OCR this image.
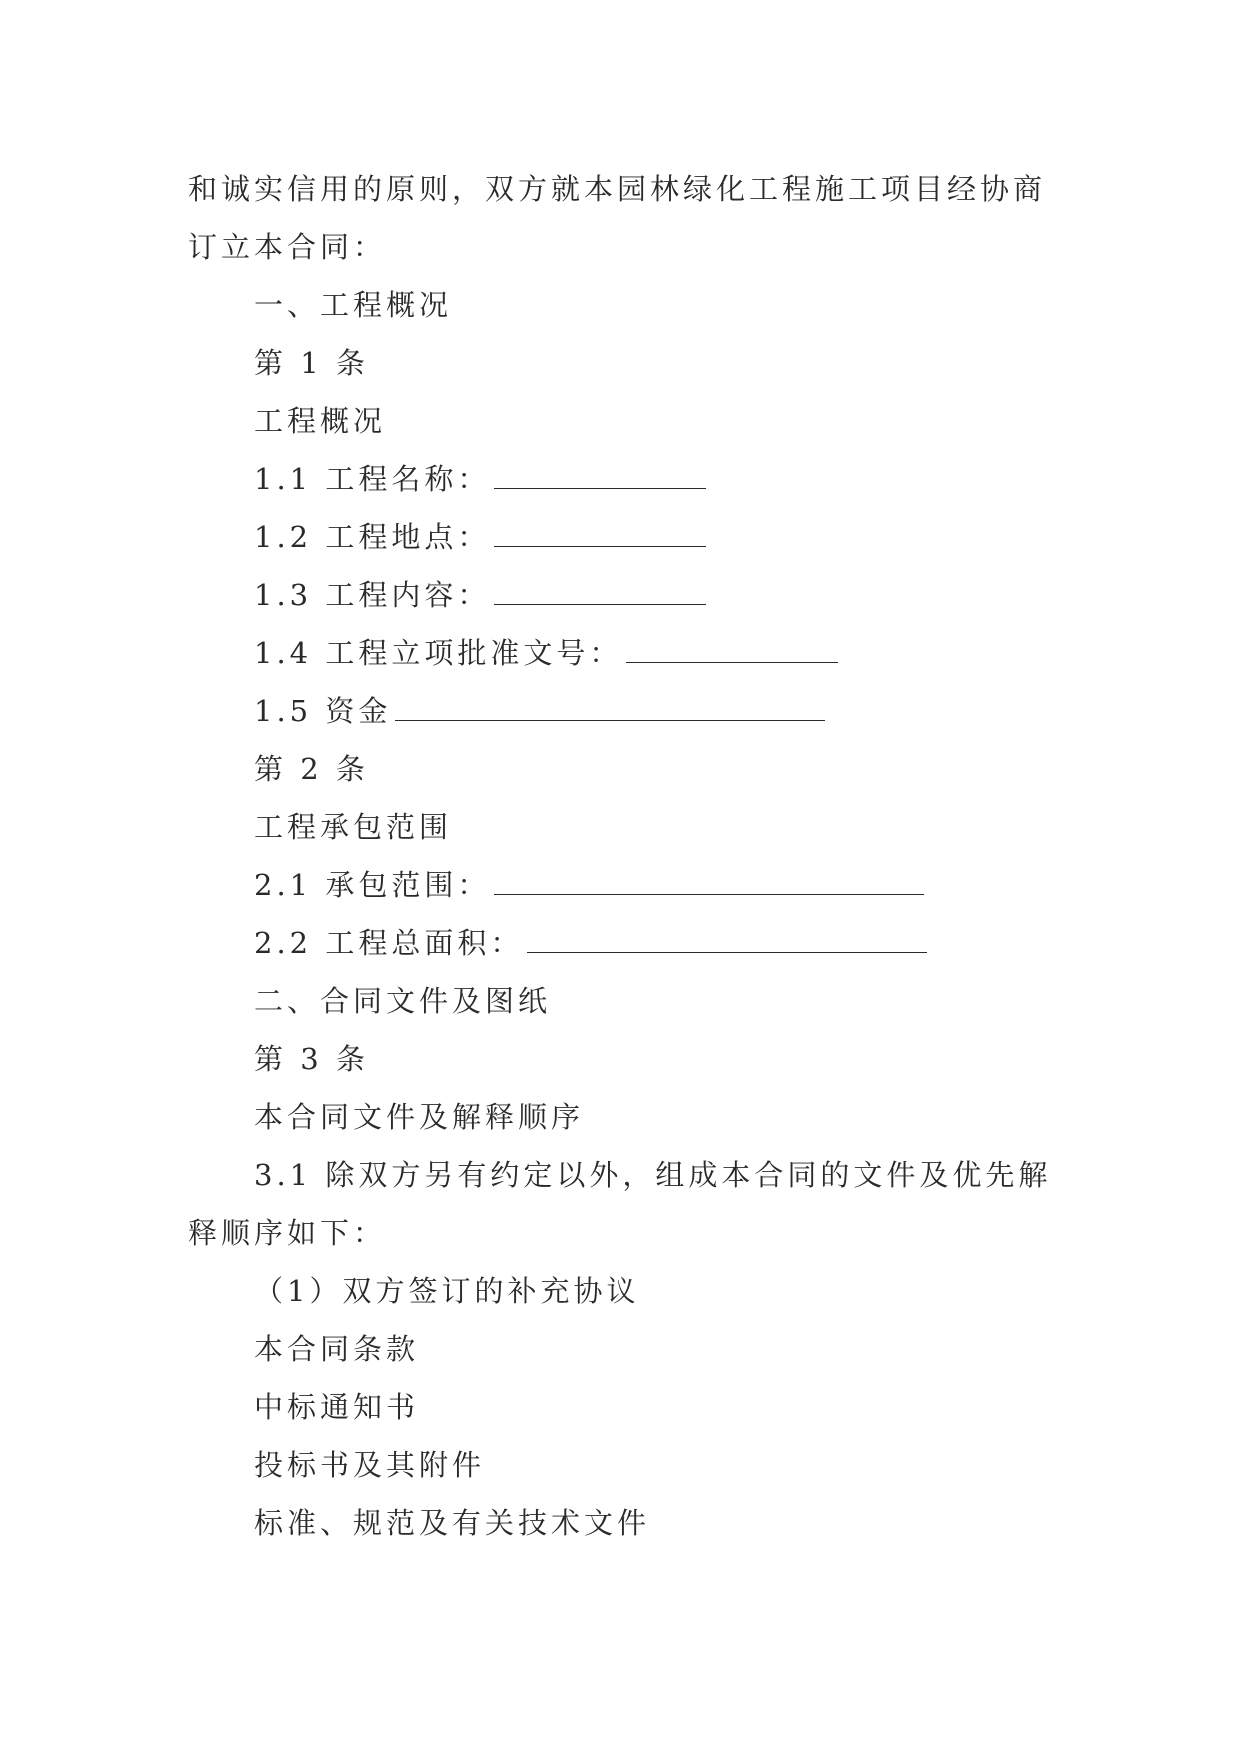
和诚实信用的原则，双方就本园林绿化工程施工项目经协商
订立本合同：
一、工程概况
第 1 条
工程概况
1.1 工程名称：
1.2 工程地点：
1.3 工程内容：
1.4 工程立项批准文号：
1.5 资金
第 2 条
工程承包范围
2.1 承包范围：
2.2 工程总面积：
二、合同文件及图纸
第 3 条
本合同文件及解释顺序
3.1 除双方另有约定以外，组成本合同的文件及优先解
释顺序如下：
（1）双方签订的补充协议
本合同条款
中标通知书
投标书及其附件
标准、规范及有关技术文件
